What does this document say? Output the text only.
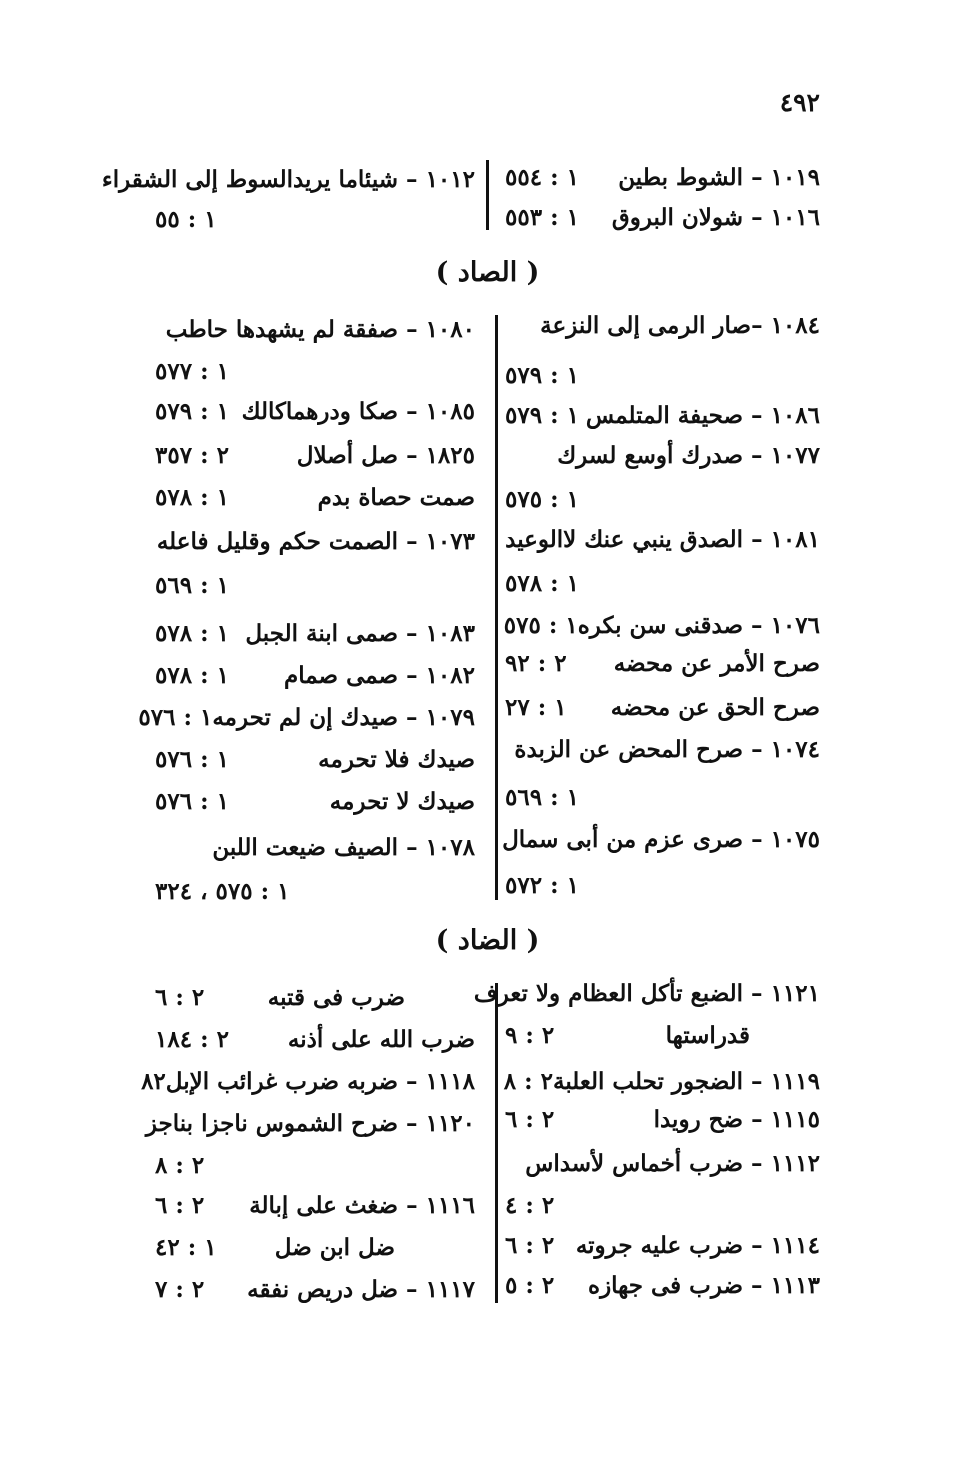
٤٩٢
١٠١٩ – الشوط بطين
١ : ٥٥٤
١٠١٦ – شولان البروق
١ : ٥٥٣
١٠١٢ – شيئاما يريدالسوط إلى الشقراء
١ : ٥٥
( الصاد )
١٠٨٤ –صار الرمى إلى النزعة
١ : ٥٧٩
١٠٨٦ – صحيفة المتلمس
١ : ٥٧٩
١٠٧٧ – صدرك أوسع لسرك
١ : ٥٧٥
١٠٨١ – الصدق ينبي عنك لاالوعيد
١ : ٥٧٨
١٠٧٦ – صدقنى سن بكره
١ : ٥٧٥
صرح الأمر عن محضه
٢ : ٩٢
صرح الحق عن محضه
١ : ٢٧
١٠٧٤ – صرح المحض عن الزبدة
١ : ٥٦٩
١٠٧٥ – صرى عزم من أبى سمال
١ : ٥٧٢
١٠٨٠ – صفقة لم يشهدها حاطب
١ : ٥٧٧
١٠٨٥ – صكا ودرهماكالك
١ : ٥٧٩
١٨٢٥ – صل أصلال
٢ : ٣٥٧
صمت حصاة بدم
١ : ٥٧٨
١٠٧٣ – الصمت حكم وقليل فاعله
١ : ٥٦٩
١٠٨٣ – صمى ابنة الجبل
١ : ٥٧٨
١٠٨٢ – صمى صمام
١ : ٥٧٨
١٠٧٩ – صيدك إن لم تحرمه
١ : ٥٧٦
صيدك فلا تحرمه
١ : ٥٧٦
صيدك لا تحرمه
١ : ٥٧٦
١٠٧٨ – الصيف ضيعت اللبن
١ : ٥٧٥ ، ٣٢٤
( الضاد )
١١٢١ – الضبع تأكل العظام ولا تعرف
قدراستها
٢ : ٩
١١١٩ – الضجور تحلب العلبة
٢ : ٨
١١١٥ – ضح رويدا
٢ : ٦
١١١٢ – ضرب أخماس لأسداس
٢ : ٤
١١١٤ – ضرب عليه جروته
٢ : ٦
١١١٣ – ضرب فى جهازه
٢ : ٥
ضرب فى قتبه
٢ : ٦
ضرب الله على أذنه
٢ : ١٨٤
١١١٨ – ضربه ضرب غرائب الإبل٢
٨
١١٢٠ – ضرح الشموس ناجزا بناجز
٢ : ٨
١١١٦ – ضغث على إبالة
٢ : ٦
ضل ابن ضل
١ : ٤٢
١١١٧ – ضل دريص نفقه
٢ : ٧
